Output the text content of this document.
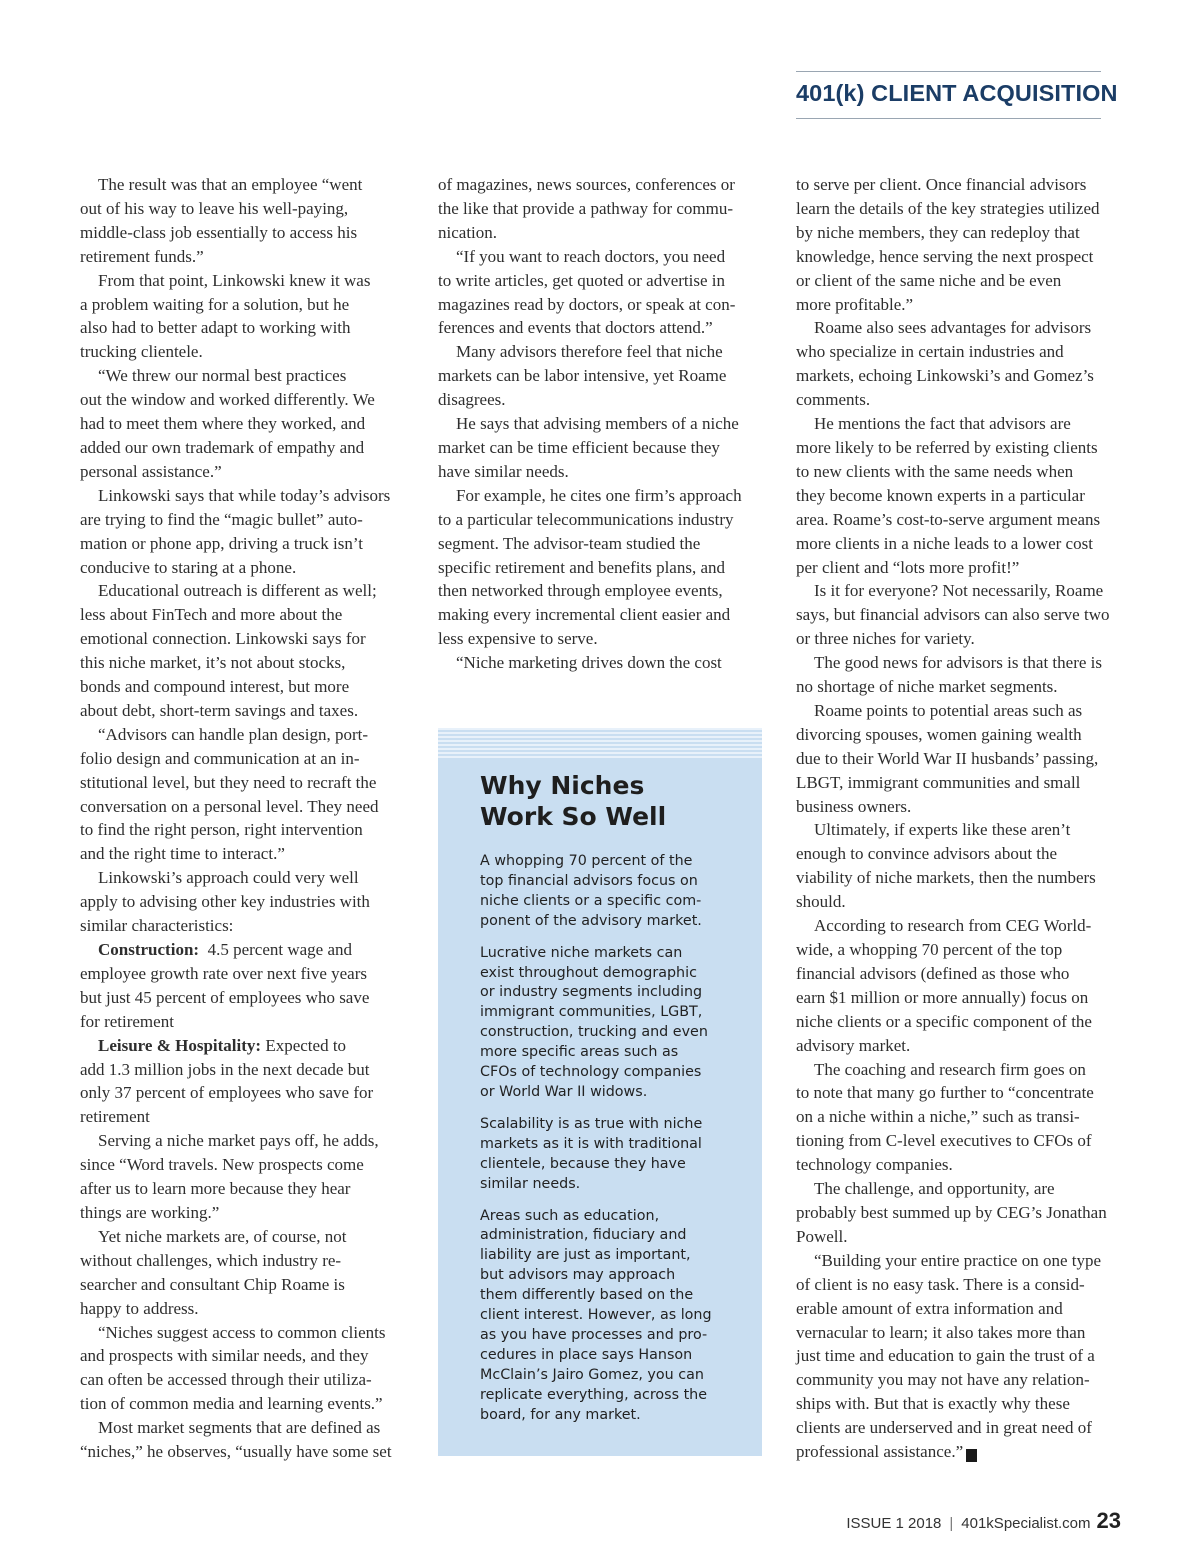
401(k) CLIENT ACQUISITION

The result was that an employee “went
out of his way to leave his well-paying,
middle-class job essentially to access his
retirement funds.”

From that point, Linkowski knew it was
a problem waiting for a solution, but he
also had to better adapt to working with
trucking clientele.

“We threw our normal best practices
out the window and worked differently. We
had to meet them where they worked, and
added our own trademark of empathy and
personal assistance.”

Linkowski says that while today’s advisors
are trying to find the “magic bullet” auto-
mation or phone app, driving a truck isn’t
conducive to staring at a phone.

Educational outreach is different as well;
less about FinTech and more about the
emotional connection. Linkowski says for
this niche market, it’s not about stocks,
bonds and compound interest, but more
about debt, short-term savings and taxes.

“Advisors can handle plan design, port-
folio design and communication at an in-
stitutional level, but they need to recraft the
conversation on a personal level. They need
to find the right person, right intervention
and the right time to interact.”

Linkowski’s approach could very well
apply to advising other key industries with
similar characteristics:

Construction:  4.5 percent wage and
employee growth rate over next five years
but just 45 percent of employees who save
for retirement

Leisure & Hospitality: Expected to
add 1.3 million jobs in the next decade but
only 37 percent of employees who save for
retirement

Serving a niche market pays off, he adds,
since “Word travels. New prospects come
after us to learn more because they hear
things are working.”

Yet niche markets are, of course, not
without challenges, which industry re-
searcher and consultant Chip Roame is
happy to address.

“Niches suggest access to common clients
and prospects with similar needs, and they
can often be accessed through their utiliza-
tion of common media and learning events.”

Most market segments that are defined as
“niches,” he observes, “usually have some set

of magazines, news sources, conferences or
the like that provide a pathway for commu-
nication.

“If you want to reach doctors, you need
to write articles, get quoted or advertise in
magazines read by doctors, or speak at con-
ferences and events that doctors attend.”

Many advisors therefore feel that niche
markets can be labor intensive, yet Roame
disagrees.

He says that advising members of a niche
market can be time efficient because they
have similar needs.

For example, he cites one firm’s approach
to a particular telecommunications industry
segment. The advisor-team studied the
specific retirement and benefits plans, and
then networked through employee events,
making every incremental client easier and
less expensive to serve.

“Niche marketing drives down the cost

Why Niches
Work So Well

A whopping 70 percent of the
top financial advisors focus on
niche clients or a specific com-
ponent of the advisory market.

Lucrative niche markets can
exist throughout demographic
or industry segments including
immigrant communities, LGBT,
construction, trucking and even
more specific areas such as
CFOs of technology companies
or World War II widows.

Scalability is as true with niche
markets as it is with traditional
clientele, because they have
similar needs.

Areas such as education,
administration, fiduciary and
liability are just as important,
but advisors may approach
them differently based on the
client interest. However, as long
as you have processes and pro-
cedures in place says Hanson
McClain’s Jairo Gomez, you can
replicate everything, across the
board, for any market.

to serve per client. Once financial advisors
learn the details of the key strategies utilized
by niche members, they can redeploy that
knowledge, hence serving the next prospect
or client of the same niche and be even
more profitable.”

Roame also sees advantages for advisors
who specialize in certain industries and
markets, echoing Linkowski’s and Gomez’s
comments.

He mentions the fact that advisors are
more likely to be referred by existing clients
to new clients with the same needs when
they become known experts in a particular
area. Roame’s cost-to-serve argument means
more clients in a niche leads to a lower cost
per client and “lots more profit!”

Is it for everyone? Not necessarily, Roame
says, but financial advisors can also serve two
or three niches for variety.

The good news for advisors is that there is
no shortage of niche market segments.

Roame points to potential areas such as
divorcing spouses, women gaining wealth
due to their World War II husbands’ passing,
LBGT, immigrant communities and small
business owners.

Ultimately, if experts like these aren’t
enough to convince advisors about the
viability of niche markets, then the numbers
should.

According to research from CEG World-
wide, a whopping 70 percent of the top
financial advisors (defined as those who
earn $1 million or more annually) focus on
niche clients or a specific component of the
advisory market.

The coaching and research firm goes on
to note that many go further to “concentrate
on a niche within a niche,” such as transi-
tioning from C-level executives to CFOs of
technology companies.

The challenge, and opportunity, are
probably best summed up by CEG’s Jonathan
Powell.

“Building your entire practice on one type
of client is no easy task. There is a consid-
erable amount of extra information and
vernacular to learn; it also takes more than
just time and education to gain the trust of a
community you may not have any relation-
ships with. But that is exactly why these
clients are underserved and in great need of
professional assistance.” K

ISSUE 1 2018 | 401kSpecialist.com 23
